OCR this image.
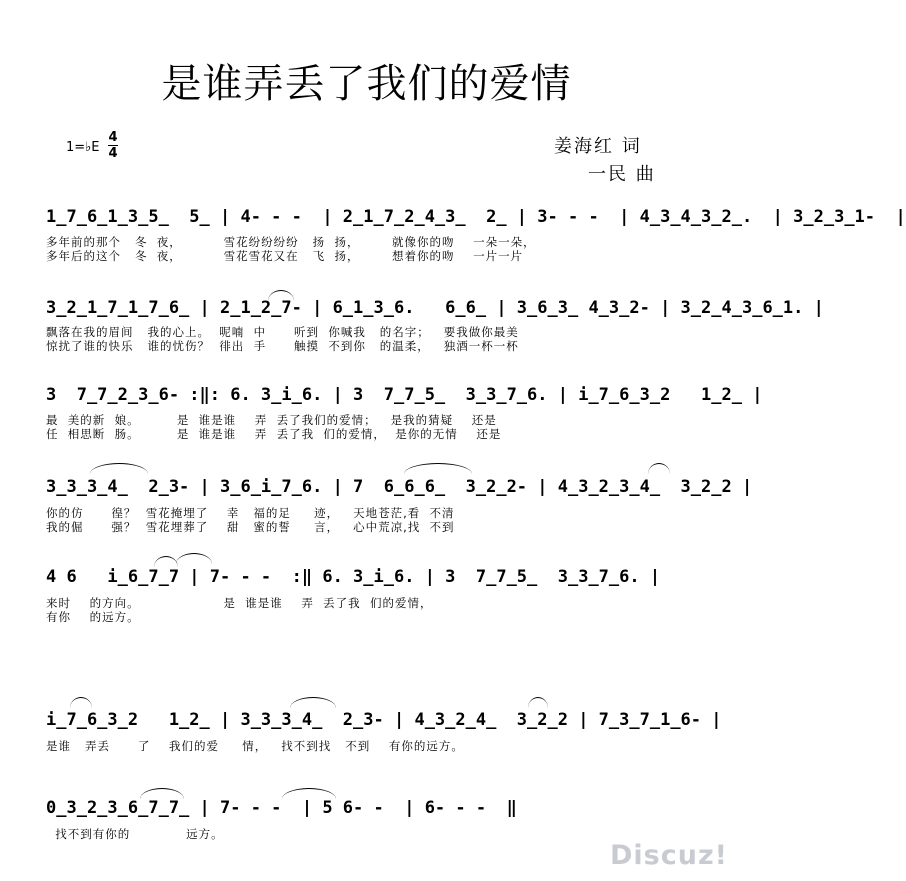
是谁弄丢了我们的爱情
1=♭E
4
4	姜海红 词
一民 曲
1̲7̲6̲1̲3̲5̲  5̲ | 4- - -  | 2̲1̲7̲2̲4̲3̲  2̲ | 3- - -  | 4̲3̲4̲3̲2̲.  | 3̲2̲3̲1-  |
多年前的那个   冬  夜，         雪花纷纷纷纷   扬  扬，       就像你的吻    一朵一朵，
多年后的这个   冬  夜，         雪花雪花又在   飞  扬，       想着你的吻    一片一片
3̲2̲1̲7̲1̲7̲6̲ | 2̲1̲2̲7- | 6̲1̲3̲6.   6̲6̲ | 3̲6̲3̲ 4̲3̲2- | 3̲2̲4̲3̲6̲1. |
飘落在我的眉间   我的心上。  呢喃  中      听到  你喊我   的名字；   要我做你最美
惊扰了谁的快乐   谁的忧伤？  徘出  手      触摸  不到你   的温柔，   独酒一杯一杯
3  7̲7̲2̲3̲6- :‖: 6. 3̲i̲6. | 3  7̲7̲5̲  3̲3̲7̲6. | i̲7̲6̲3̲2   1̲2̲ |
最  美的新  娘。        是  谁是谁    弄  丢了我们的爱情；   是我的猜疑    还是
任  相思断  肠。        是  谁是谁    弄  丢了我  们的爱情，  是你的无情    还是
3̲3̲3̲4̲  2̲3- | 3̲6̲i̲7̲6. | 7  6̲6̲6̲  3̲2̲2- | 4̲3̲2̲3̲4̲  3̲2̲2 |
你的仿      徨？  雪花掩埋了    幸   福的足     迹，   天地苍茫,看  不清
我的倔      强？  雪花埋葬了    甜   蜜的誓     言，   心中荒凉,找  不到
4 6   i̲6̲7̲7 | 7- - -  :‖ 6. 3̲i̲6. | 3  7̲7̲5̲  3̲3̲7̲6. |
来时    的方向。                  是  谁是谁    弄  丢了我  们的爱情，
有你    的远方。
i̲7̲6̲3̲2   1̲2̲ | 3̲3̲3̲4̲  2̲3- | 4̲3̲2̲4̲  3̲2̲2 | 7̲3̲7̲1̲6- |
是谁   弄丢      了    我们的爱     情，   找不到找   不到    有你的远方。
0̲3̲2̲3̲6̲7̲7̲ | 7- - -  | 5 6- -  | 6- - -  ‖
找不到有你的            远方。
Discuz!
